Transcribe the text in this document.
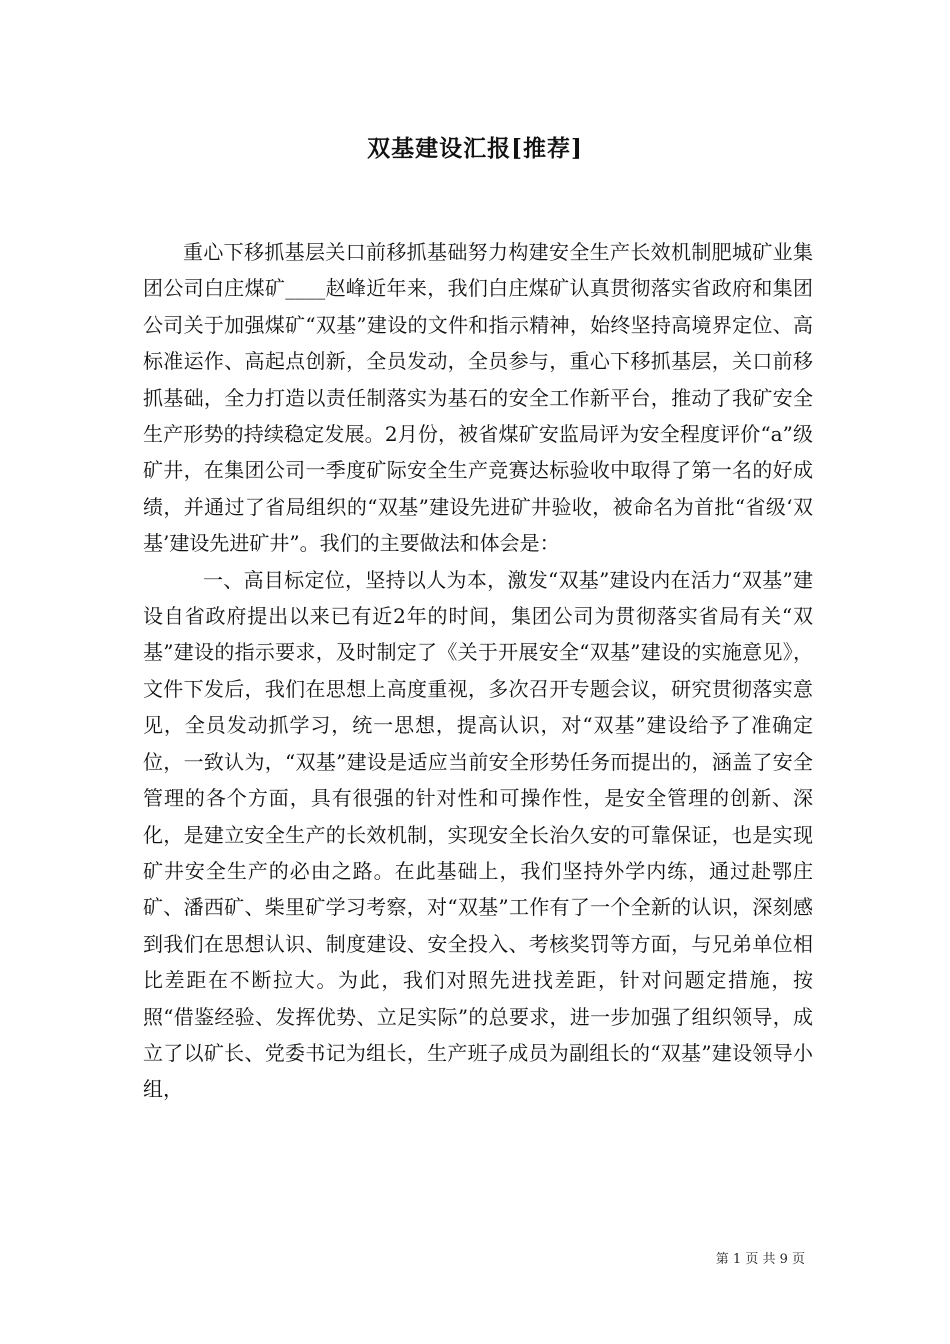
双基建设汇报[推荐]

重心下移抓基层关口前移抓基础努力构建安全生产长效机制肥城矿业集团公司白庄煤矿____赵峰近年来，我们白庄煤矿认真贯彻落实省政府和集团公司关于加强煤矿“双基”建设的文件和指示精神，始终坚持高境界定位、高标准运作、高起点创新，全员发动，全员参与，重心下移抓基层，关口前移抓基础，全力打造以责任制落实为基石的安全工作新平台，推动了我矿安全生产形势的持续稳定发展。2月份，被省煤矿安监局评为安全程度评价“a”级矿井，在集团公司一季度矿际安全生产竞赛达标验收中取得了第一名的好成绩，并通过了省局组织的“双基”建设先进矿井验收，被命名为首批“省级‘双基’建设先进矿井”。我们的主要做法和体会是：

一、高目标定位，坚持以人为本，激发“双基”建设内在活力“双基”建设自省政府提出以来已有近2年的时间，集团公司为贯彻落实省局有关“双基”建设的指示要求，及时制定了《关于开展安全“双基”建设的实施意见》，文件下发后，我们在思想上高度重视，多次召开专题会议，研究贯彻落实意见，全员发动抓学习，统一思想，提高认识，对“双基”建设给予了准确定位，一致认为，“双基”建设是适应当前安全形势任务而提出的，涵盖了安全管理的各个方面，具有很强的针对性和可操作性，是安全管理的创新、深化，是建立安全生产的长效机制，实现安全长治久安的可靠保证，也是实现矿井安全生产的必由之路。在此基础上，我们坚持外学内练，通过赴鄂庄矿、潘西矿、柴里矿学习考察，对“双基”工作有了一个全新的认识，深刻感到我们在思想认识、制度建设、安全投入、考核奖罚等方面，与兄弟单位相比差距在不断拉大。为此，我们对照先进找差距，针对问题定措施，按照“借鉴经验、发挥优势、立足实际”的总要求，进一步加强了组织领导，成立了以矿长、党委书记为组长，生产班子成员为副组长的“双基”建设领导小组，

第 1 页 共 9 页
